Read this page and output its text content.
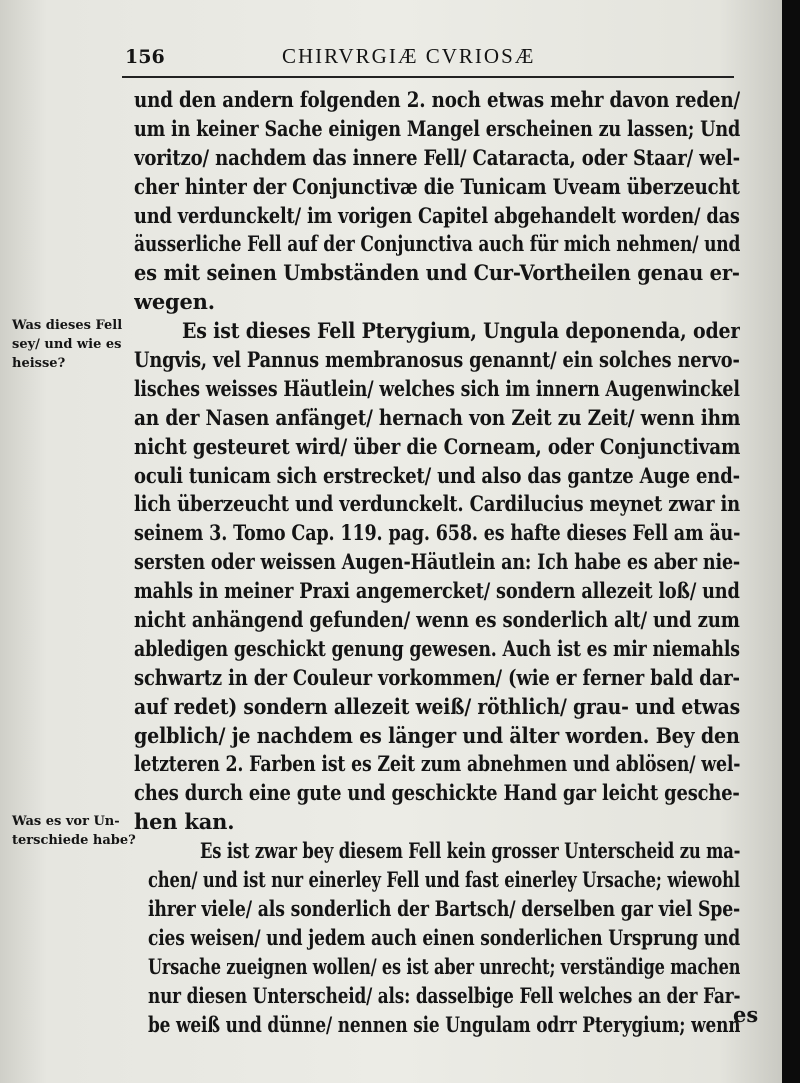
156	CHIRVRGIÆ CVRIOSÆ
und den andern folgenden 2. noch etwas mehr davon reden/
um in keiner Sache einigen Mangel erscheinen zu lassen; Und
voritzo/ nachdem das innere Fell/ Cataracta, oder Staar/ wel-
cher hinter der Conjunctivæ die Tunicam Uveam überzeucht
und verdunckelt/ im vorigen Capitel abgehandelt worden/ das
äusserliche Fell auf der Conjunctiva auch für mich nehmen/ und
es mit seinen Umbständen und Cur-Vortheilen genau er-
wegen.
Es ist dieses Fell Pterygium, Ungula deponenda, oder
Ungvis, vel Pannus membranosus genannt/ ein solches nervo-
lisches weisses Häutlein/ welches sich im innern Augenwinckel
an der Nasen anfänget/ hernach von Zeit zu Zeit/ wenn ihm
nicht gesteuret wird/ über die Corneam, oder Conjunctivam
oculi tunicam sich erstrecket/ und also das gantze Auge end-
lich überzeucht und verdunckelt. Cardilucius meynet zwar in
seinem 3. Tomo Cap. 119. pag. 658. es hafte dieses Fell am äu-
sersten oder weissen Augen-Häutlein an: Ich habe es aber nie-
mahls in meiner Praxi angemercket/ sondern allezeit loß/ und
nicht anhängend gefunden/ wenn es sonderlich alt/ und zum
abledigen geschickt genung gewesen. Auch ist es mir niemahls
schwartz in der Couleur vorkommen/ (wie er ferner bald dar-
auf redet) sondern allezeit weiß/ röthlich/ grau- und etwas
gelblich/ je nachdem es länger und älter worden. Bey den
letzteren 2. Farben ist es Zeit zum abnehmen und ablösen/ wel-
ches durch eine gute und geschickte Hand gar leicht gesche-
hen kan.
Es ist zwar bey diesem Fell kein grosser Unterscheid zu ma-
chen/ und ist nur einerley Fell und fast einerley Ursache; wiewohl
ihrer viele/ als sonderlich der Bartsch/ derselben gar viel Spe-
cies weisen/ und jedem auch einen sonderlichen Ursprung und
Ursache zueignen wollen/ es ist aber unrecht; verständige machen
nur diesen Unterscheid/ als: dasselbige Fell welches an der Far-
be weiß und dünne/ nennen sie Ungulam odrr Pterygium; wenn
es
Was dieses Fell
sey/ und wie es
heisse?
Was es vor Un-
terschiede habe?
